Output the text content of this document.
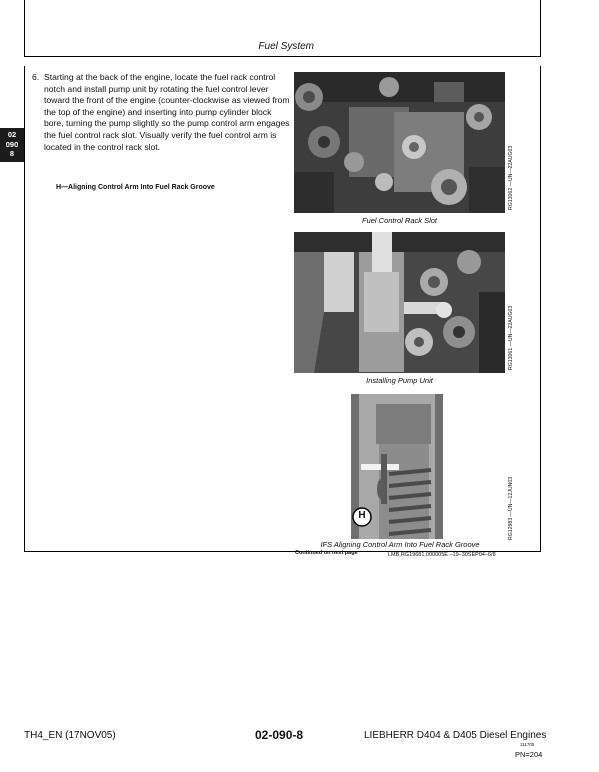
Fuel System
02
090
8
6. Starting at the back of the engine, locate the fuel rack control notch and install pump unit by rotating the fuel control lever toward the front of the engine (counter-clockwise as viewed from the top of the engine) and inserting into pump cylinder block bore, turning the pump slightly so the pump control arm engages the fuel control rack slot. Visually verify the fuel control arm is located in the control rack slot.
H—Aligning Control Arm Into Fuel Rack Groove
Fuel Control Rack Slot
RG13062 —UN—22AUG03
Installing Pump Unit
RG13061 —UN—22AUG03
H
IFS Aligning Control Arm Into Fuel Rack Groove
RG12983 —UN—12JUN03
Continued on next page	LMB,RG19681,000005E –19–30SEP04–6/8
TH4_EN (17NOV05)	02-090-8	LIEBHERR D404 & D405 Diesel Engines
111705
PN=204
